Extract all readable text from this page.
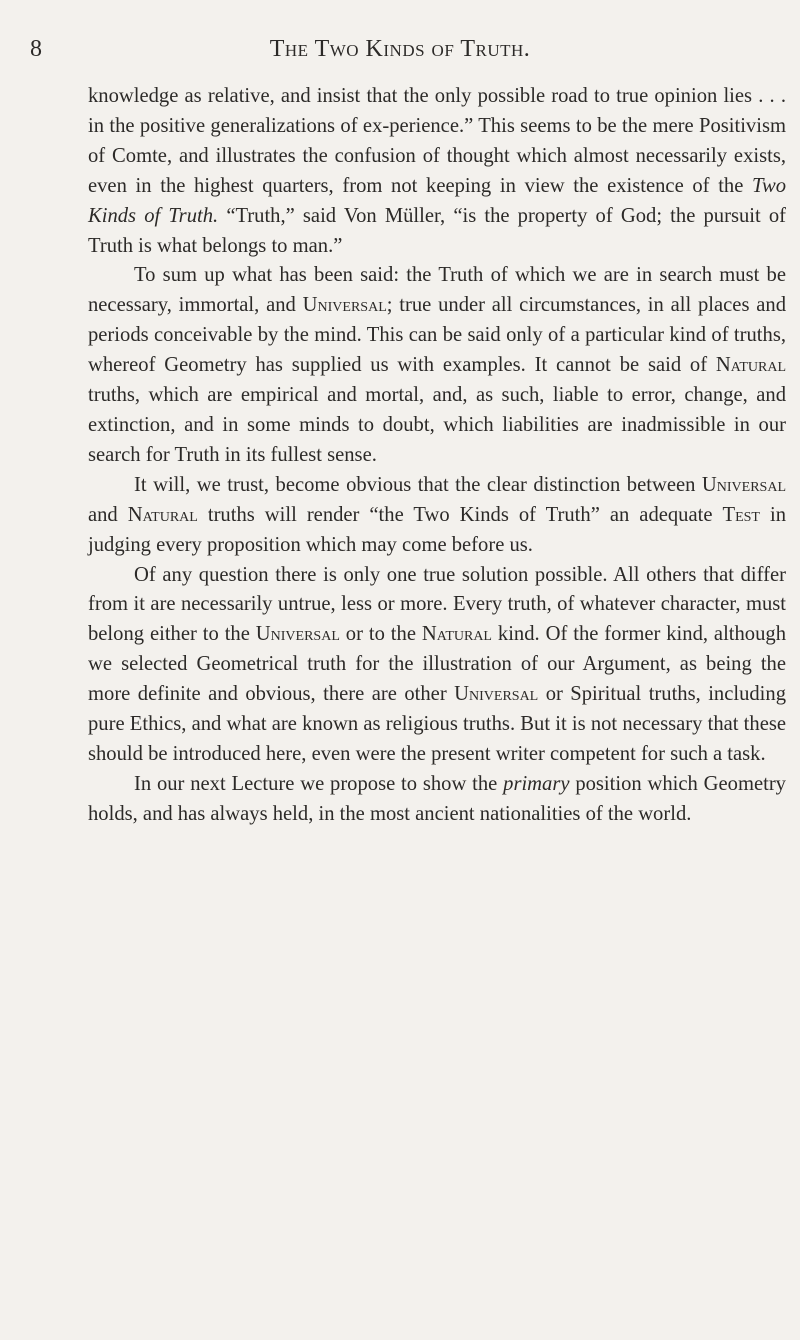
8	The Two Kinds of Truth.

knowledge as relative, and insist that the only possible road to true opinion lies . . . in the positive generalizations of ex-perience.” This seems to be the mere Positivism of Comte, and illustrates the confusion of thought which almost necessarily exists, even in the highest quarters, from not keeping in view the existence of the Two Kinds of Truth. “Truth,” said Von Müller, “is the property of God; the pursuit of Truth is what belongs to man.”

To sum up what has been said: the Truth of which we are in search must be necessary, immortal, and Universal; true under all circumstances, in all places and periods conceivable by the mind. This can be said only of a particular kind of truths, whereof Geometry has supplied us with examples. It cannot be said of Natural truths, which are empirical and mortal, and, as such, liable to error, change, and extinction, and in some minds to doubt, which liabilities are inadmissible in our search for Truth in its fullest sense.

It will, we trust, become obvious that the clear distinction between Universal and Natural truths will render “the Two Kinds of Truth” an adequate Test in judging every proposition which may come before us.

Of any question there is only one true solution possible. All others that differ from it are necessarily untrue, less or more. Every truth, of whatever character, must belong either to the Universal or to the Natural kind. Of the former kind, although we selected Geometrical truth for the illustration of our Argument, as being the more definite and obvious, there are other Universal or Spiritual truths, including pure Ethics, and what are known as religious truths. But it is not necessary that these should be introduced here, even were the present writer competent for such a task.

In our next Lecture we propose to show the primary position which Geometry holds, and has always held, in the most ancient nationalities of the world.
